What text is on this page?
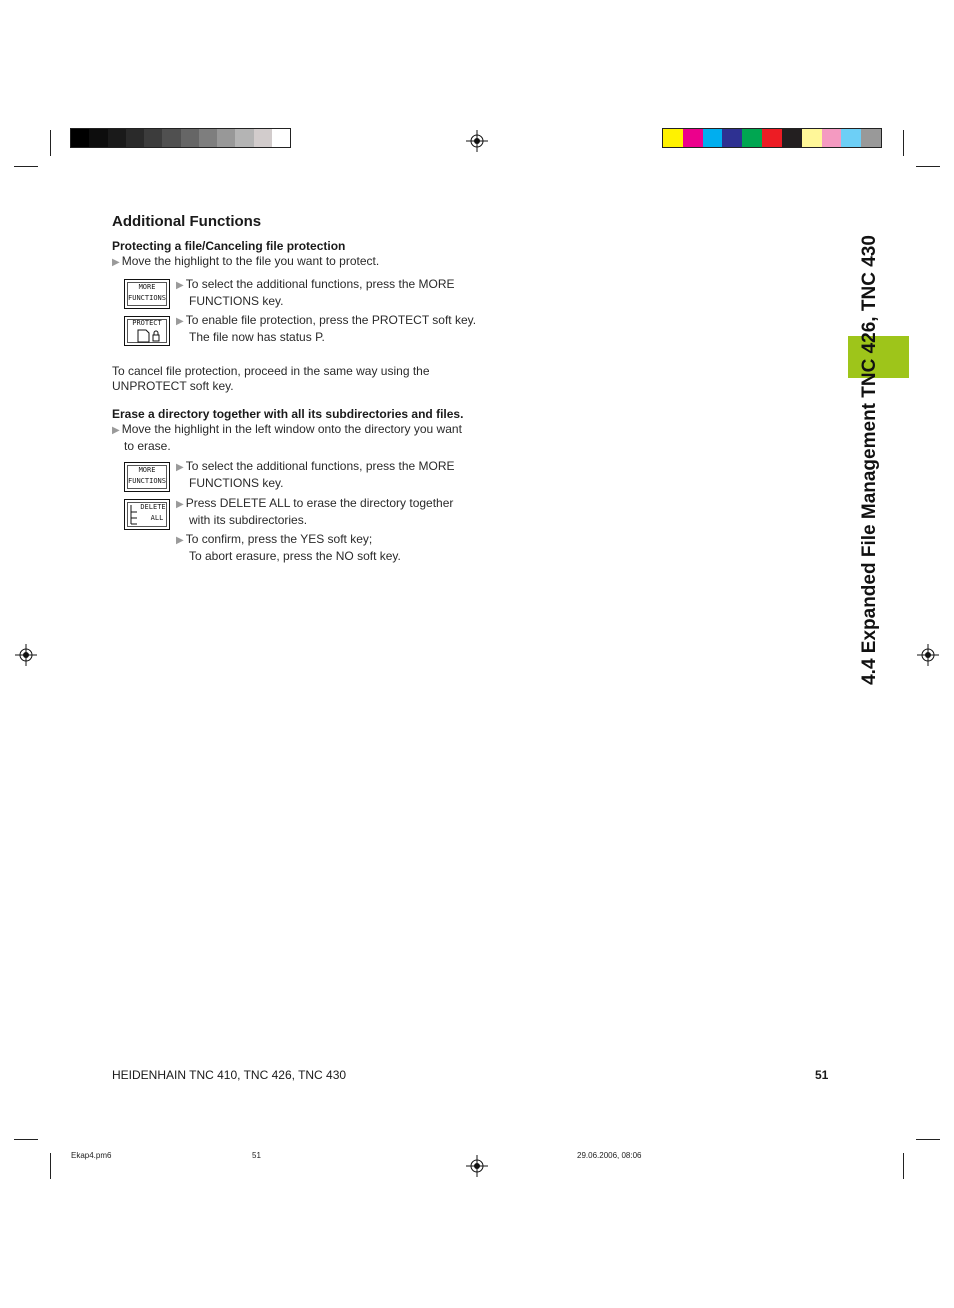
Additional Functions
Protecting a file/Canceling file protection
▶ Move the highlight to the file you want to protect.
MORE
FUNCTIONS
▶ To select the additional functions, press the MORE
FUNCTIONS key.
PROTECT	▶ To enable file protection, press the PROTECT soft key.
The file now has status P.
To cancel file protection, proceed in the same way using the
UNPROTECT soft key.
Erase a directory together with all its subdirectories and files.
▶ Move the highlight in the left window onto the directory you want
to erase.
MORE
FUNCTIONS
▶ To select the additional functions, press the MORE
FUNCTIONS key.
DELETE
ALL
▶ Press DELETE ALL to erase the directory together
with its subdirectories.
▶ To confirm, press the YES soft key;
To abort erasure, press the NO soft key.	4.4 Expanded File Management TNC 426, TNC 430
HEIDENHAIN TNC 410, TNC 426, TNC 430	51
Ekap4.pm6	51	29.06.2006, 08:06
